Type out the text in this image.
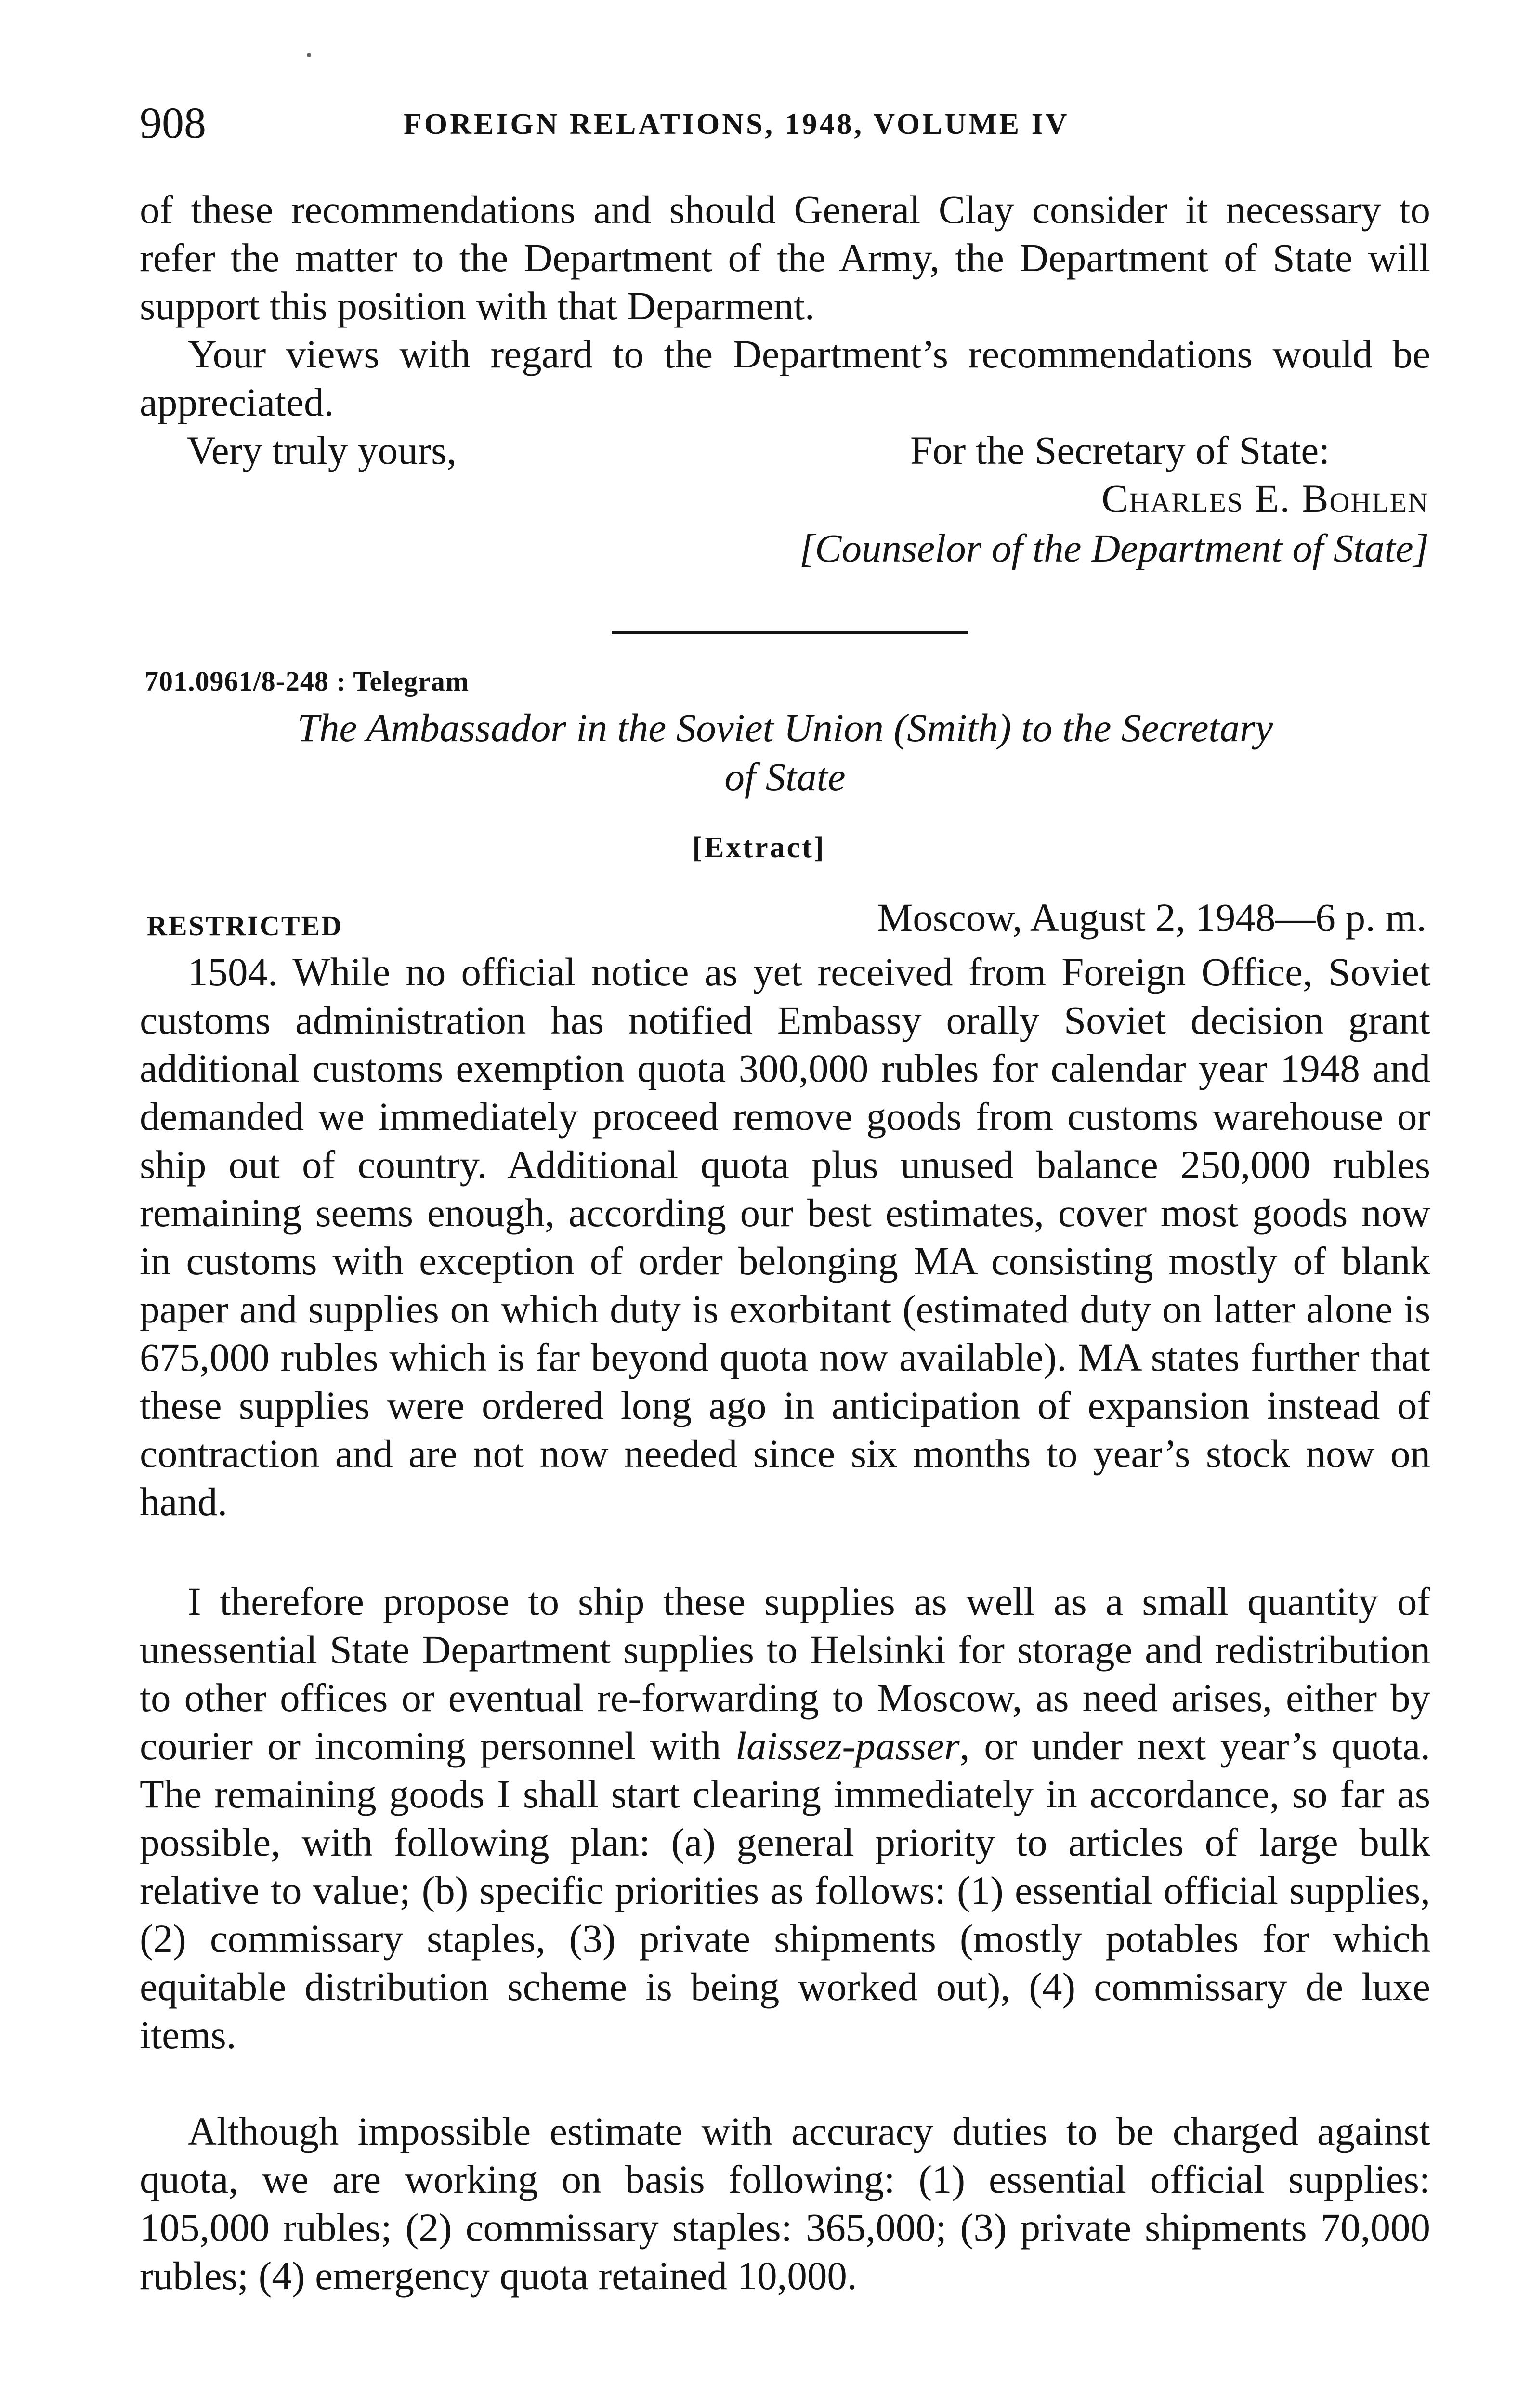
908	FOREIGN RELATIONS, 1948, VOLUME IV

of these recommendations and should General Clay consider it necessary to refer the matter to the Department of the Army, the Department of State will support this position with that Deparment.

Your views with regard to the Department’s recommendations would be appreciated.

Very truly yours,	For the Secretary of State:
Charles E. Bohlen
[Counselor of the Department of State]
701.0961/8-248 : Telegram
The Ambassador in the Soviet Union (Smith) to the Secretary
of State
[Extract]
RESTRICTED	Moscow, August 2, 1948—6 p. m.

1504. While no official notice as yet received from Foreign Office, Soviet customs administration has notified Embassy orally Soviet decision grant additional customs exemption quota 300,000 rubles for calendar year 1948 and demanded we immediately proceed remove goods from customs warehouse or ship out of country. Additional quota plus unused balance 250,000 rubles remaining seems enough, according our best estimates, cover most goods now in customs with exception of order belonging MA consisting mostly of blank paper and supplies on which duty is exorbitant (estimated duty on latter alone is 675,000 rubles which is far beyond quota now available). MA states further that these supplies were ordered long ago in anticipation of expansion instead of contraction and are not now needed since six months to year’s stock now on hand.

I therefore propose to ship these supplies as well as a small quantity of unessential State Department supplies to Helsinki for storage and redistribution to other offices or eventual re-forwarding to Moscow, as need arises, either by courier or incoming personnel with laissez-passer, or under next year’s quota. The remaining goods I shall start clearing immediately in accordance, so far as possible, with following plan: (a) general priority to articles of large bulk relative to value; (b) specific priorities as follows: (1) essential official supplies, (2) commissary staples, (3) private shipments (mostly potables for which equitable distribution scheme is being worked out), (4) commissary de luxe items.

Although impossible estimate with accuracy duties to be charged against quota, we are working on basis following: (1) essential official supplies: 105,000 rubles; (2) commissary staples: 365,000; (3) private shipments 70,000 rubles; (4) emergency quota retained 10,000.
